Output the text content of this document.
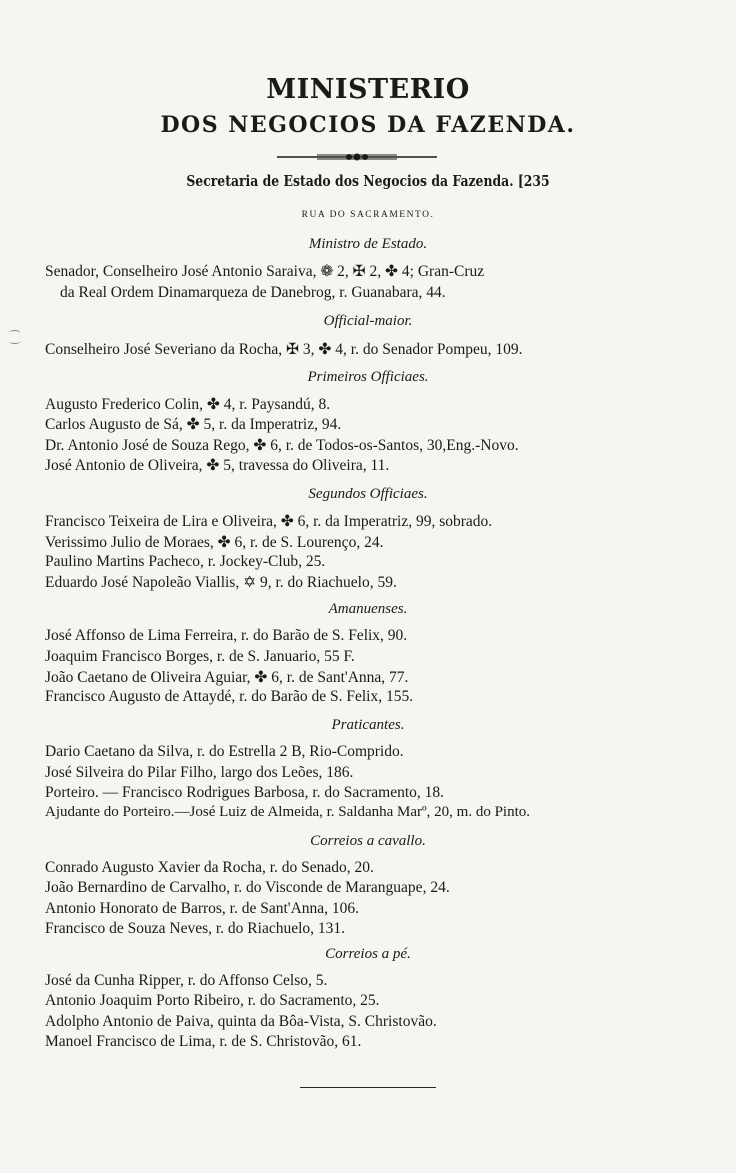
MINISTERIO
DOS NEGOCIOS DA FAZENDA.
Secretaria de Estado dos Negocios da Fazenda. [235
RUA DO SACRAMENTO.
⁐
Ministro de Estado.
Senador, Conselheiro José Antonio Saraiva, ❁ 2, ✠ 2, ✤ 4; Gran-Cruz
da Real Ordem Dinamarqueza de Danebrog, r. Guanabara, 44.
Official-maior.
Conselheiro José Severiano da Rocha, ✠ 3, ✤ 4, r. do Senador Pompeu, 109.
Primeiros Officiaes.
Augusto Frederico Colin, ✤ 4, r. Paysandú, 8.
Carlos Augusto de Sá, ✤ 5, r. da Imperatriz, 94.
Dr. Antonio José de Souza Rego, ✤ 6, r. de Todos-os-Santos, 30,Eng.-Novo.
José Antonio de Oliveira, ✤ 5, travessa do Oliveira, 11.
Segundos Officiaes.
Francisco Teixeira de Lira e Oliveira, ✤ 6, r. da Imperatriz, 99, sobrado.
Verissimo Julio de Moraes, ✤ 6, r. de S. Lourenço, 24.
Paulino Martins Pacheco, r. Jockey-Club, 25.
Eduardo José Napoleão Viallis, ✡ 9, r. do Riachuelo, 59.
Amanuenses.
José Affonso de Lima Ferreira, r. do Barão de S. Felix, 90.
Joaquim Francisco Borges, r. de S. Januario, 55 F.
João Caetano de Oliveira Aguiar, ✤ 6, r. de Sant'Anna, 77.
Francisco Augusto de Attaydé, r. do Barão de S. Felix, 155.
Praticantes.
Dario Caetano da Silva, r. do Estrella 2 B, Rio-Comprido.
José Silveira do Pilar Filho, largo dos Leões, 186.
Porteiro. — Francisco Rodrigues Barbosa, r. do Sacramento, 18.
Ajudante do Porteiro.—José Luiz de Almeida, r. Saldanha Marº, 20, m. do Pinto.
Correios a cavallo.
Conrado Augusto Xavier da Rocha, r. do Senado, 20.
João Bernardino de Carvalho, r. do Visconde de Maranguape, 24.
Antonio Honorato de Barros, r. de Sant'Anna, 106.
Francisco de Souza Neves, r. do Riachuelo, 131.
Correios a pé.
José da Cunha Ripper, r. do Affonso Celso, 5.
Antonio Joaquim Porto Ribeiro, r. do Sacramento, 25.
Adolpho Antonio de Paiva, quinta da Bôa-Vista, S. Christovão.
Manoel Francisco de Lima, r. de S. Christovão, 61.
